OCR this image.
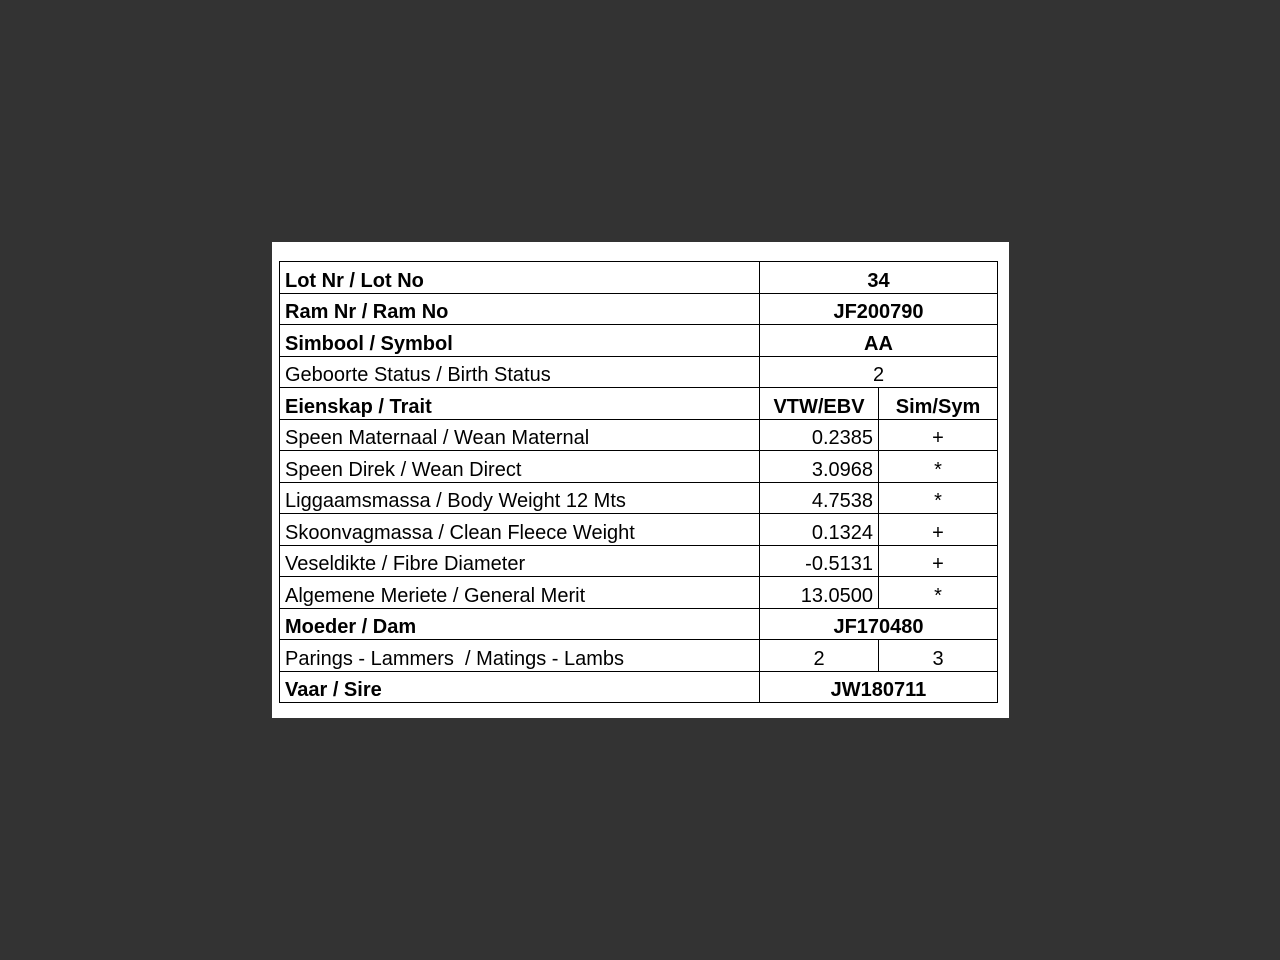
Lot Nr / Lot No	34	
Ram Nr / Ram No	JF200790	
Simbool / Symbol	AA	
Geboorte Status / Birth Status	2	
Eienskap / Trait	VTW/EBV	Sim/Sym
Speen Maternaal / Wean Maternal	0.2385	+
Speen Direk / Wean Direct	3.0968	*
Liggaamsmassa / Body Weight 12 Mts	4.7538	*
Skoonvagmassa / Clean Fleece Weight	0.1324	+
Veseldikte / Fibre Diameter	-0.5131	+
Algemene Meriete / General Merit	13.0500	*
Moeder / Dam	JF170480	
Parings - Lammers  / Matings - Lambs	2	3
Vaar / Sire	JW180711	
